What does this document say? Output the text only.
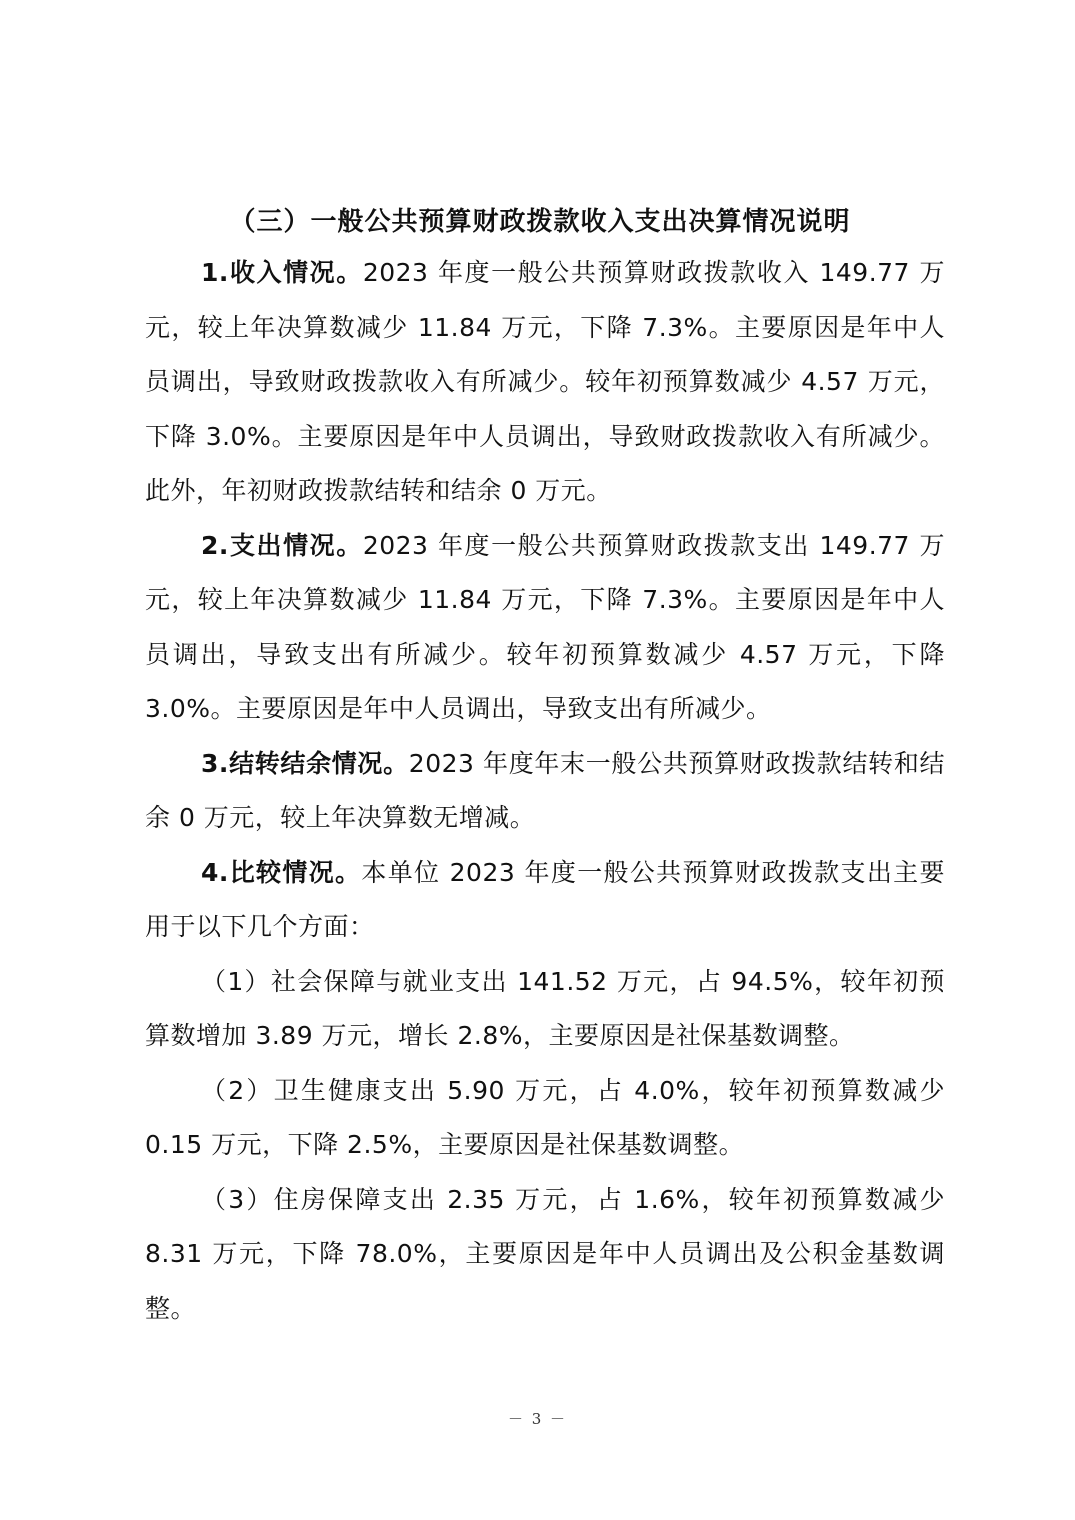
（三）一般公共预算财政拨款收入支出决算情况说明

1.收入情况。2023 年度一般公共预算财政拨款收入 149.77 万元，较上年决算数减少 11.84 万元，下降 7.3%。主要原因是年中人员调出，导致财政拨款收入有所减少。较年初预算数减少 4.57 万元，下降 3.0%。主要原因是年中人员调出，导致财政拨款收入有所减少。此外，年初财政拨款结转和结余 0 万元。

2.支出情况。2023 年度一般公共预算财政拨款支出 149.77 万元，较上年决算数减少 11.84 万元，下降 7.3%。主要原因是年中人员调出，导致支出有所减少。较年初预算数减少 4.57 万元，下降 3.0%。主要原因是年中人员调出，导致支出有所减少。

3.结转结余情况。2023 年度年末一般公共预算财政拨款结转和结余 0 万元，较上年决算数无增减。

4.比较情况。本单位 2023 年度一般公共预算财政拨款支出主要用于以下几个方面：

（1）社会保障与就业支出 141.52 万元，占 94.5%，较年初预算数增加 3.89 万元，增长 2.8%，主要原因是社保基数调整。

（2）卫生健康支出 5.90 万元，占 4.0%，较年初预算数减少 0.15 万元，下降 2.5%，主要原因是社保基数调整。

（3）住房保障支出 2.35 万元，占 1.6%，较年初预算数减少 8.31 万元，下降 78.0%，主要原因是年中人员调出及公积金基数调整。

－ 3 －
